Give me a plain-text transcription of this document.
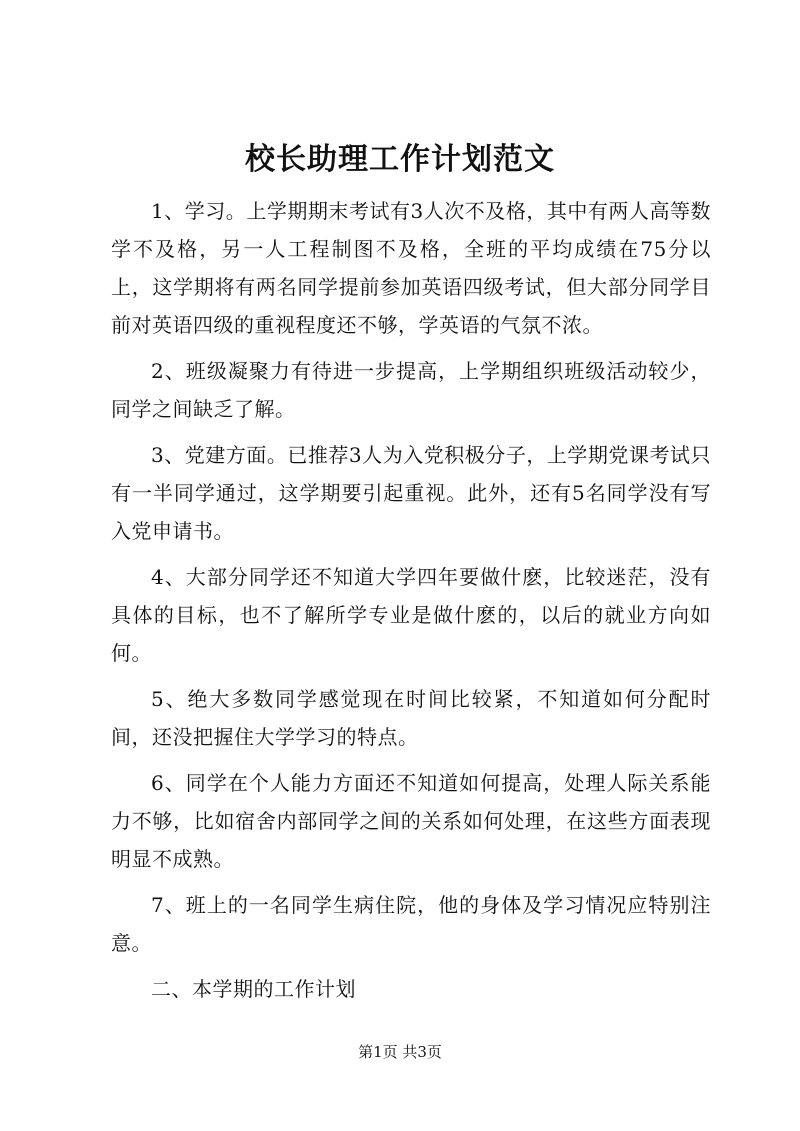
校长助理工作计划范文

1、学习。上学期期末考试有3人次不及格，其中有两人高等数学不及格，另一人工程制图不及格，全班的平均成绩在75分以上，这学期将有两名同学提前参加英语四级考试，但大部分同学目前对英语四级的重视程度还不够，学英语的气氛不浓。

2、班级凝聚力有待进一步提高，上学期组织班级活动较少，同学之间缺乏了解。

3、党建方面。已推荐3人为入党积极分子，上学期党课考试只有一半同学通过，这学期要引起重视。此外，还有5名同学没有写入党申请书。

4、大部分同学还不知道大学四年要做什麽，比较迷茫，没有具体的目标，也不了解所学专业是做什麽的，以后的就业方向如何。

5、绝大多数同学感觉现在时间比较紧，不知道如何分配时间，还没把握住大学学习的特点。

6、同学在个人能力方面还不知道如何提高，处理人际关系能力不够，比如宿舍内部同学之间的关系如何处理，在这些方面表现明显不成熟。

7、班上的一名同学生病住院，他的身体及学习情况应特别注意。

二、本学期的工作计划

第1页 共3页
